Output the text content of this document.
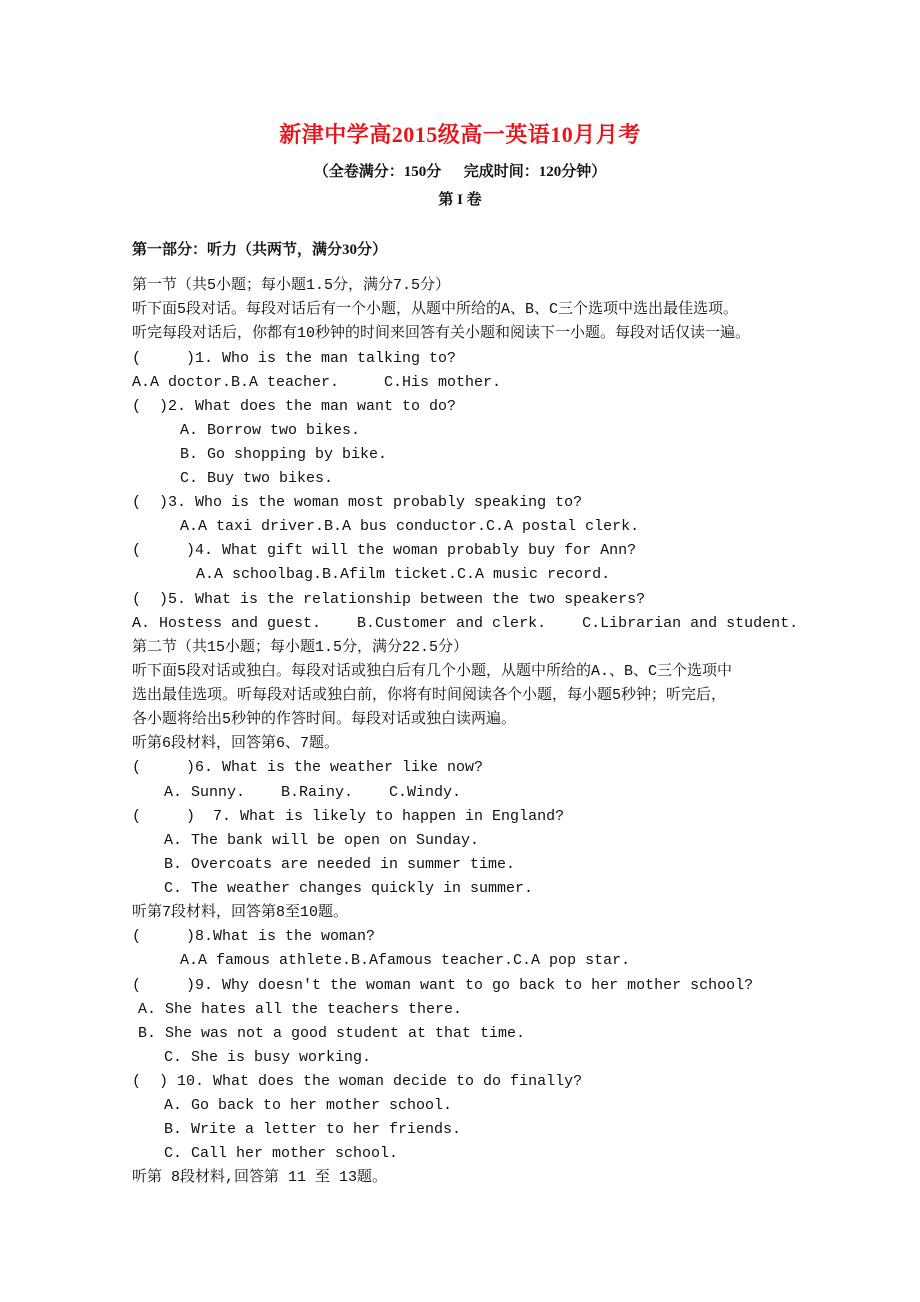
新津中学高2015级高一英语10月月考
（全卷满分：150分      完成时间：120分钟）
第 I 卷
第一部分：听力（共两节，满分30分）
第一节（共5小题；每小题1.5分，满分7.5分）
听下面5段对话。每段对话后有一个小题，从题中所给的A、B、C三个选项中选出最佳选项。
听完每段对话后，你都有10秒钟的时间来回答有关小题和阅读下一小题。每段对话仅读一遍。
(     )1. Who is the man talking to?
A.A doctor.B.A teacher.     C.His mother.
(  )2. What does the man want to do?
A. Borrow two bikes.
B. Go shopping by bike.
C. Buy two bikes.
(  )3. Who is the woman most probably speaking to?
A.A taxi driver.B.A bus conductor.C.A postal clerk.
(     )4. What gift will the woman probably buy for Ann?
A.A schoolbag.B.Afilm ticket.C.A music record.
(  )5. What is the relationship between the two speakers?
A. Hostess and guest.    B.Customer and clerk.    C.Librarian and student.
第二节（共15小题；每小题1.5分，满分22.5分）
听下面5段对话或独白。每段对话或独白后有几个小题，从题中所给的A.、B、C三个选项中
选出最佳选项。听每段对话或独白前，你将有时间阅读各个小题，每小题5秒钟；听完后，
各小题将给出5秒钟的作答时间。每段对话或独白读两遍。
听第6段材料，回答第6、7题。
(     )6. What is the weather like now?
A. Sunny.    B.Rainy.    C.Windy.
(     )  7. What is likely to happen in England?
A. The bank will be open on Sunday.
B. Overcoats are needed in summer time.
C. The weather changes quickly in summer.
听第7段材料，回答第8至10题。
(     )8.What is the woman?
A.A famous athlete.B.Afamous teacher.C.A pop star.
(     )9. Why doesn't the woman want to go back to her mother school?
A. She hates all the teachers there.
B. She was not a good student at that time.
C. She is busy working.
(  ) 10. What does the woman decide to do finally?
A. Go back to her mother school.
B. Write a letter to her friends.
C. Call her mother school.
听第 8段材料,回答第 11 至 13题。
